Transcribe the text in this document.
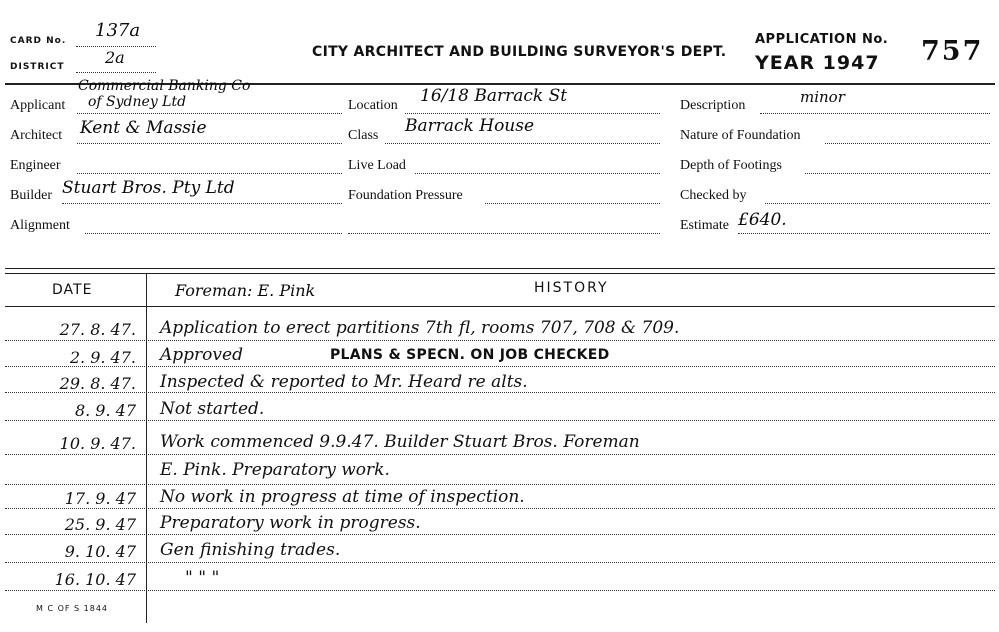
CARD No. 137a
DISTRICT	2a	CITY ARCHITECT AND BUILDING SURVEYOR'S DEPT.
APPLICATION No.
YEAR 1947 757
Applicant
Commercial Banking Co
of Sydney Ltd
Architect Kent & Massie
Engineer
Builder Stuart Bros. Pty Ltd
Alignment
Location 16/18 Barrack St
Class Barrack House
Live Load
Foundation Pressure
Description	minor
Nature of Foundation
Depth of Footings
Checked by
Estimate £640.
DATE	HISTORY
Foreman: E. Pink
27. 8. 47. Application to erect partitions 7th fl, rooms 707, 708 & 709.
2. 9. 47. Approved	PLANS & SPECN. ON JOB CHECKED
29. 8. 47. Inspected & reported to Mr. Heard re alts.
8. 9. 47 Not started.
10. 9. 47. Work commenced 9.9.47. Builder Stuart Bros. Foreman
E. Pink. Preparatory work.
17. 9. 47 No work in progress at time of inspection.
25. 9. 47 Preparatory work in progress.
9. 10. 47 Gen finishing trades.
16. 10. 47	" " "
M C OF S 1844
